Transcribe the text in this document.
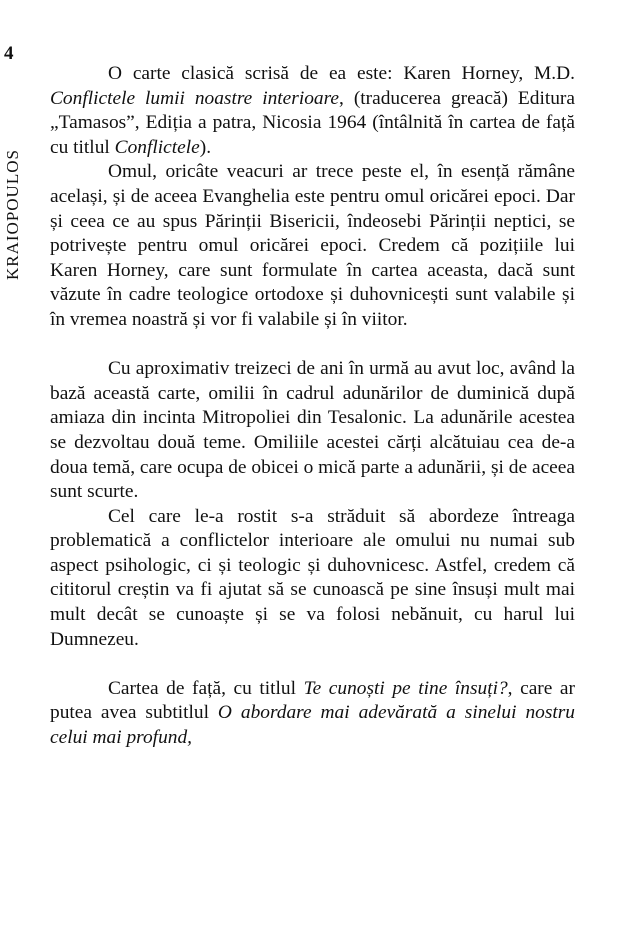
4
KRAIOPOULOS

O carte clasică scrisă de ea este: Karen Horney, M.D. Conflictele lumii noastre interioare, (traducerea greacă) Editura „Tamasos”, Ediția a patra, Nicosia 1964 (întâlnită în cartea de față cu titlul Conflictele).

Omul, oricâte veacuri ar trece peste el, în esență rămâne același, și de aceea Evanghelia este pentru omul oricărei epoci. Dar și ceea ce au spus Părinții Bisericii, îndeosebi Părinții neptici, se potrivește pentru omul oricărei epoci. Credem că pozițiile lui Karen Horney, care sunt formulate în cartea aceasta, dacă sunt văzute în cadre teologice ortodoxe și duhovnicești sunt valabile și în vremea noastră și vor fi valabile și în viitor.

Cu aproximativ treizeci de ani în urmă au avut loc, având la bază această carte, omilii în cadrul adunărilor de duminică după amiaza din incinta Mitropoliei din Tesalonic. La adunările acestea se dezvoltau două teme. Omiliile acestei cărți alcătuiau cea de-a doua temă, care ocupa de obicei o mică parte a adunării, și de aceea sunt scurte.

Cel care le-a rostit s-a străduit să abordeze întreaga problematică a conflictelor interioare ale omului nu numai sub aspect psihologic, ci și teologic și duhovnicesc. Astfel, credem că cititorul creștin va fi ajutat să se cunoască pe sine însuși mult mai mult decât se cunoaște și se va folosi nebănuit, cu harul lui Dumnezeu.

Cartea de față, cu titlul Te cunoști pe tine însuți?, care ar putea avea subtitlul O abordare mai adevărată a sinelui nostru celui mai profund,
